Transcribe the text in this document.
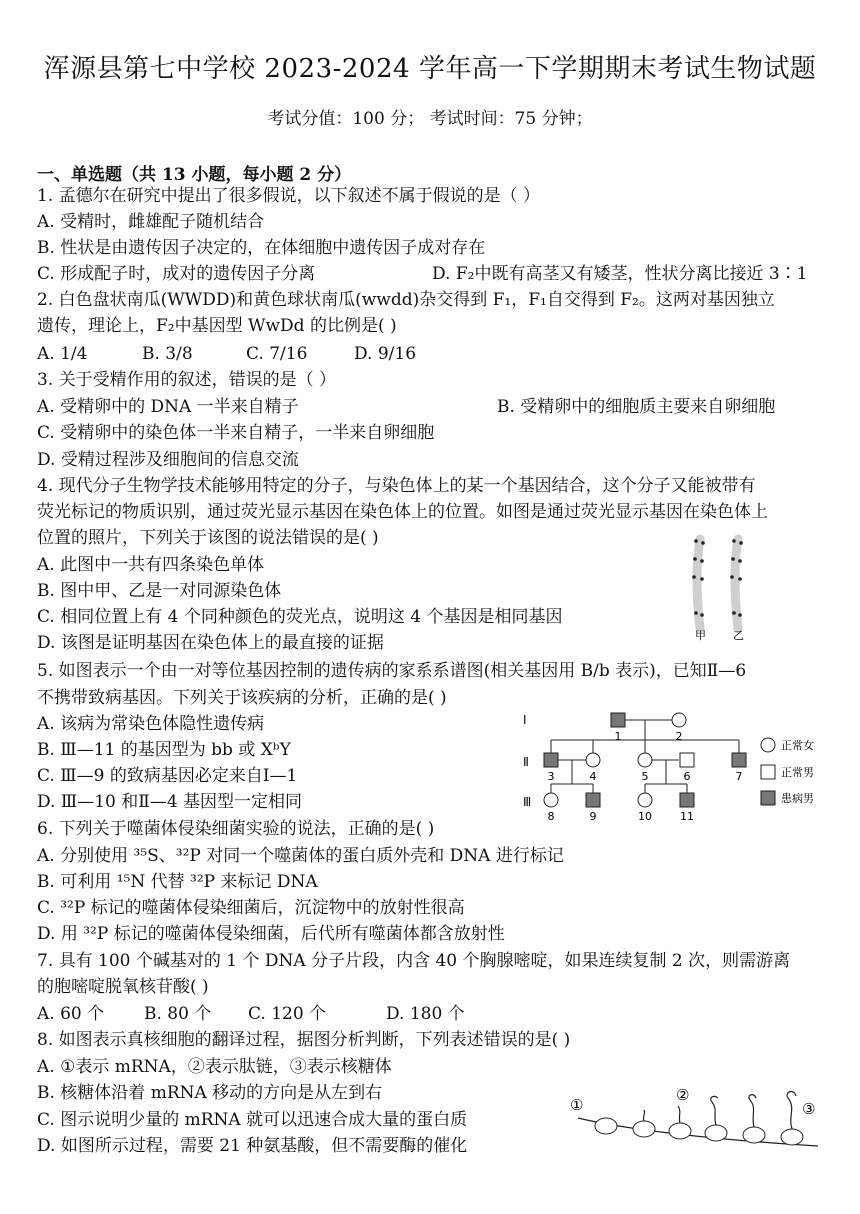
浑源县第七中学校 2023-2024 学年高一下学期期末考试生物试题
考试分值：100 分； 考试时间：75 分钟；
一、单选题（共 13 小题，每小题 2 分）
1. 孟德尔在研究中提出了很多假说，以下叙述不属于假说的是（ ）
A. 受精时，雌雄配子随机结合
B. 性状是由遗传因子决定的，在体细胞中遗传因子成对存在
C. 形成配子时，成对的遗传因子分离	D. F₂中既有高茎又有矮茎，性状分离比接近 3∶1
2. 白色盘状南瓜(WWDD)和黄色球状南瓜(wwdd)杂交得到 F₁，F₁自交得到 F₂。这两对基因独立
遗传，理论上，F₂中基因型 WwDd 的比例是( )
A. 1/4	B. 3/8	C. 7/16	D. 9/16
3. 关于受精作用的叙述，错误的是（ ）
A. 受精卵中的 DNA 一半来自精子	B. 受精卵中的细胞质主要来自卵细胞
C. 受精卵中的染色体一半来自精子，一半来自卵细胞
D. 受精过程涉及细胞间的信息交流
4. 现代分子生物学技术能够用特定的分子，与染色体上的某一个基因结合，这个分子又能被带有
荧光标记的物质识别，通过荧光显示基因在染色体上的位置。如图是通过荧光显示基因在染色体上
位置的照片，下列关于该图的说法错误的是( )
A. 此图中一共有四条染色单体
B. 图中甲、乙是一对同源染色体
C. 相同位置上有 4 个同种颜色的荧光点，说明这 4 个基因是相同基因
D. 该图是证明基因在染色体上的最直接的证据	甲 乙
5. 如图表示一个由一对等位基因控制的遗传病的家系系谱图(相关基因用 B/b 表示)，已知Ⅱ—6
不携带致病基因。下列关于该疾病的分析，正确的是( )
A. 该病为常染色体隐性遗传病
B. Ⅲ—11 的基因型为 bb 或 XᵇY
C. Ⅲ—9 的致病基因必定来自Ⅰ—1
D. Ⅲ—10 和Ⅱ—4 基因型一定相同
Ⅰ
Ⅱ
Ⅲ
1	2
3	4	5	6	7
8	9	10	11
正常女
正常男
患病男
6. 下列关于噬菌体侵染细菌实验的说法，正确的是( )
A. 分别使用 ³⁵S、³²P 对同一个噬菌体的蛋白质外壳和 DNA 进行标记
B. 可利用 ¹⁵N 代替 ³²P 来标记 DNA
C. ³²P 标记的噬菌体侵染细菌后，沉淀物中的放射性很高
D. 用 ³²P 标记的噬菌体侵染细菌，后代所有噬菌体都含放射性
7. 具有 100 个碱基对的 1 个 DNA 分子片段，内含 40 个胸腺嘧啶，如果连续复制 2 次，则需游离
的胞嘧啶脱氧核苷酸( )
A. 60 个 B. 80 个 C. 120 个	D. 180 个
8. 如图表示真核细胞的翻译过程，据图分析判断，下列表述错误的是( )
A. ①表示 mRNA，②表示肽链，③表示核糖体
B. 核糖体沿着 mRNA 移动的方向是从左到右
C. 图示说明少量的 mRNA 就可以迅速合成大量的蛋白质
D. 如图所示过程，需要 21 种氨基酸，但不需要酶的催化
①
②
③
